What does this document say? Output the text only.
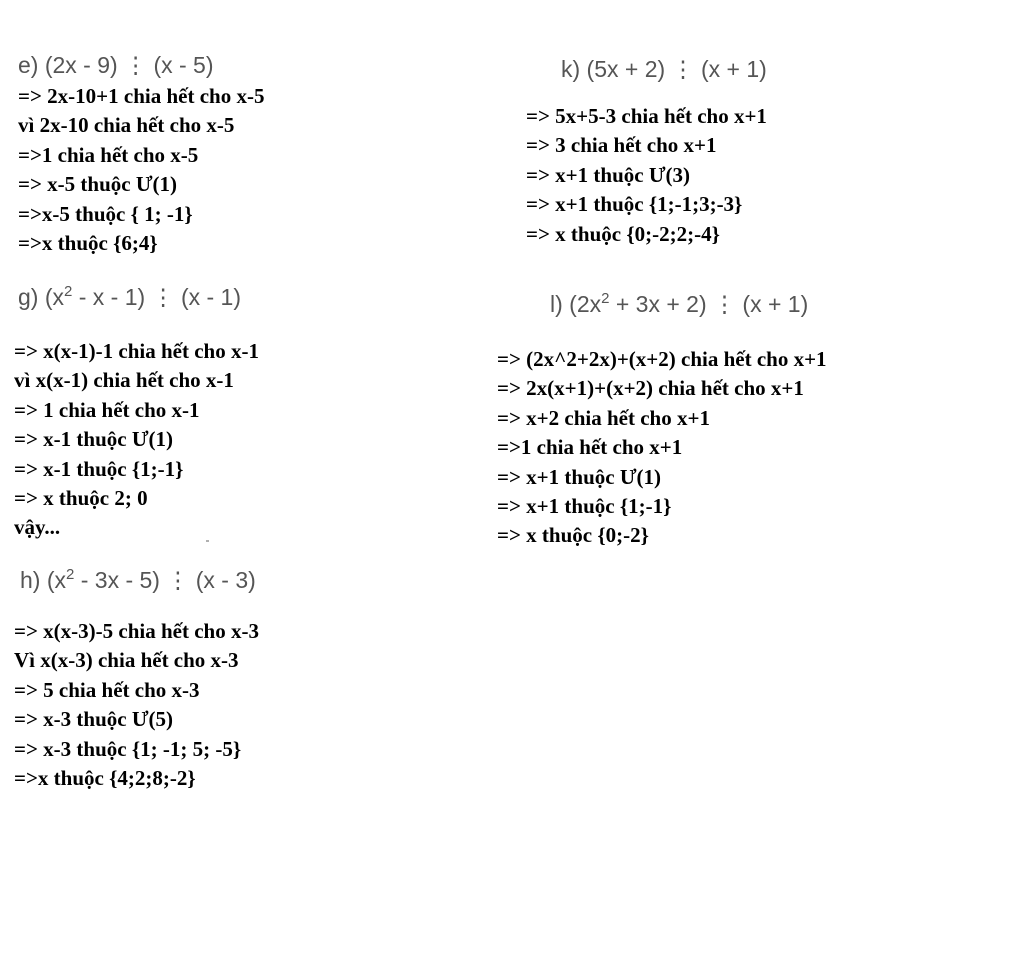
e) (2x - 9) ⋮ (x - 5)
=> 2x-10+1 chia hết cho x-5
vì 2x-10 chia hết cho x-5
=>1 chia hết cho x-5
=> x-5 thuộc Ư(1)
=>x-5 thuộc { 1; -1}
=>x thuộc {6;4}
g) ($x^2$ - x - 1) ⋮ (x - 1)
=> x(x-1)-1 chia hết cho x-1
vì x(x-1) chia hết cho x-1
=> 1 chia hết cho x-1
=> x-1 thuộc Ư(1)
=> x-1 thuộc {1;-1}
=> x thuộc 2; 0
vậy...
h) $(x^2 - 3x - 5)$ ⋮ (x - 3)
=> x(x-3)-5 chia hết cho x-3
Vì x(x-3) chia hết cho x-3
=> 5 chia hết cho x-3
=> x-3 thuộc Ư(5)
=> x-3 thuộc {1; -1; 5; -5}
=>x thuộc {4;2;8;-2}
k) (5x + 2) ⋮ (x + 1)
=> 5x+5-3 chia hết cho x+1
=> 3 chia hết cho x+1
=> x+1 thuộc Ư(3)
=> x+1 thuộc {1;-1;3;-3}
=> x thuộc {0;-2;2;-4}
l) $(2x^2 + 3x + 2)$ ⋮ (x + 1)
=> (2x^2+2x)+(x+2) chia hết cho x+1
=> 2x(x+1)+(x+2) chia hết cho x+1
=> x+2 chia hết cho x+1
=>1 chia hết cho x+1
=> x+1 thuộc Ư(1)
=> x+1 thuộc {1;-1}
=> x thuộc {0;-2}
